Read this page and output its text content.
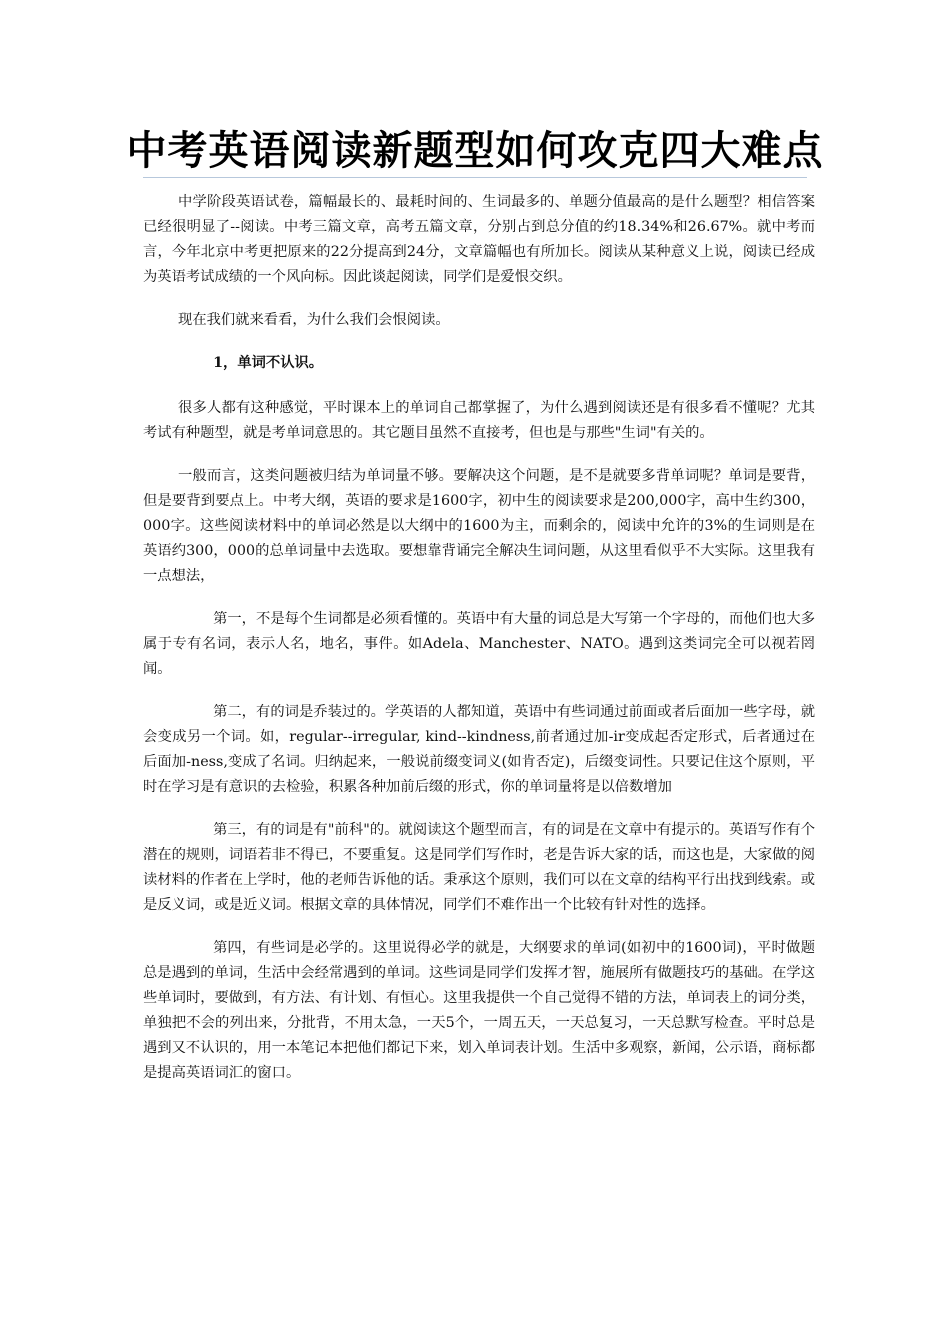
中考英语阅读新题型如何攻克四大难点

中学阶段英语试卷，篇幅最长的、最耗时间的、生词最多的、单题分值最高的是什么题型？相信答案已经很明显了--阅读。中考三篇文章，高考五篇文章，分别占到总分值的约18.34%和26.67%。就中考而言，今年北京中考更把原来的22分提高到24分，文章篇幅也有所加长。阅读从某种意义上说，阅读已经成为英语考试成绩的一个风向标。因此谈起阅读，同学们是爱恨交织。

现在我们就来看看，为什么我们会恨阅读。

1，单词不认识。

很多人都有这种感觉，平时课本上的单词自己都掌握了，为什么遇到阅读还是有很多看不懂呢？尤其考试有种题型，就是考单词意思的。其它题目虽然不直接考，但也是与那些"生词"有关的。

一般而言，这类问题被归结为单词量不够。要解决这个问题，是不是就要多背单词呢？单词是要背，但是要背到要点上。中考大纲，英语的要求是1600字，初中生的阅读要求是200,000字，高中生约300，000字。这些阅读材料中的单词必然是以大纲中的1600为主，而剩余的，阅读中允许的3%的生词则是在英语约300，000的总单词量中去选取。要想靠背诵完全解决生词问题，从这里看似乎不大实际。这里我有一点想法，

第一，不是每个生词都是必须看懂的。英语中有大量的词总是大写第一个字母的，而他们也大多属于专有名词，表示人名，地名，事件。如Adela、Manchester、NATO。遇到这类词完全可以视若罔闻。

第二，有的词是乔装过的。学英语的人都知道，英语中有些词通过前面或者后面加一些字母，就会变成另一个词。如，regular--irregular, kind--kindness,前者通过加-ir变成起否定形式，后者通过在后面加-ness,变成了名词。归纳起来，一般说前缀变词义(如肯否定)，后缀变词性。只要记住这个原则，平时在学习是有意识的去检验，积累各种加前后缀的形式，你的单词量将是以倍数增加

第三，有的词是有"前科"的。就阅读这个题型而言，有的词是在文章中有提示的。英语写作有个潜在的规则，词语若非不得已，不要重复。这是同学们写作时，老是告诉大家的话，而这也是，大家做的阅读材料的作者在上学时，他的老师告诉他的话。秉承这个原则，我们可以在文章的结构平行出找到线索。或是反义词，或是近义词。根据文章的具体情况，同学们不难作出一个比较有针对性的选择。

第四，有些词是必学的。这里说得必学的就是，大纲要求的单词(如初中的1600词)，平时做题总是遇到的单词，生活中会经常遇到的单词。这些词是同学们发挥才智，施展所有做题技巧的基础。在学这些单词时，要做到，有方法、有计划、有恒心。这里我提供一个自己觉得不错的方法，单词表上的词分类，单独把不会的列出来，分批背，不用太急，一天5个，一周五天，一天总复习，一天总默写检查。平时总是遇到又不认识的，用一本笔记本把他们都记下来，划入单词表计划。生活中多观察，新闻，公示语，商标都是提高英语词汇的窗口。
